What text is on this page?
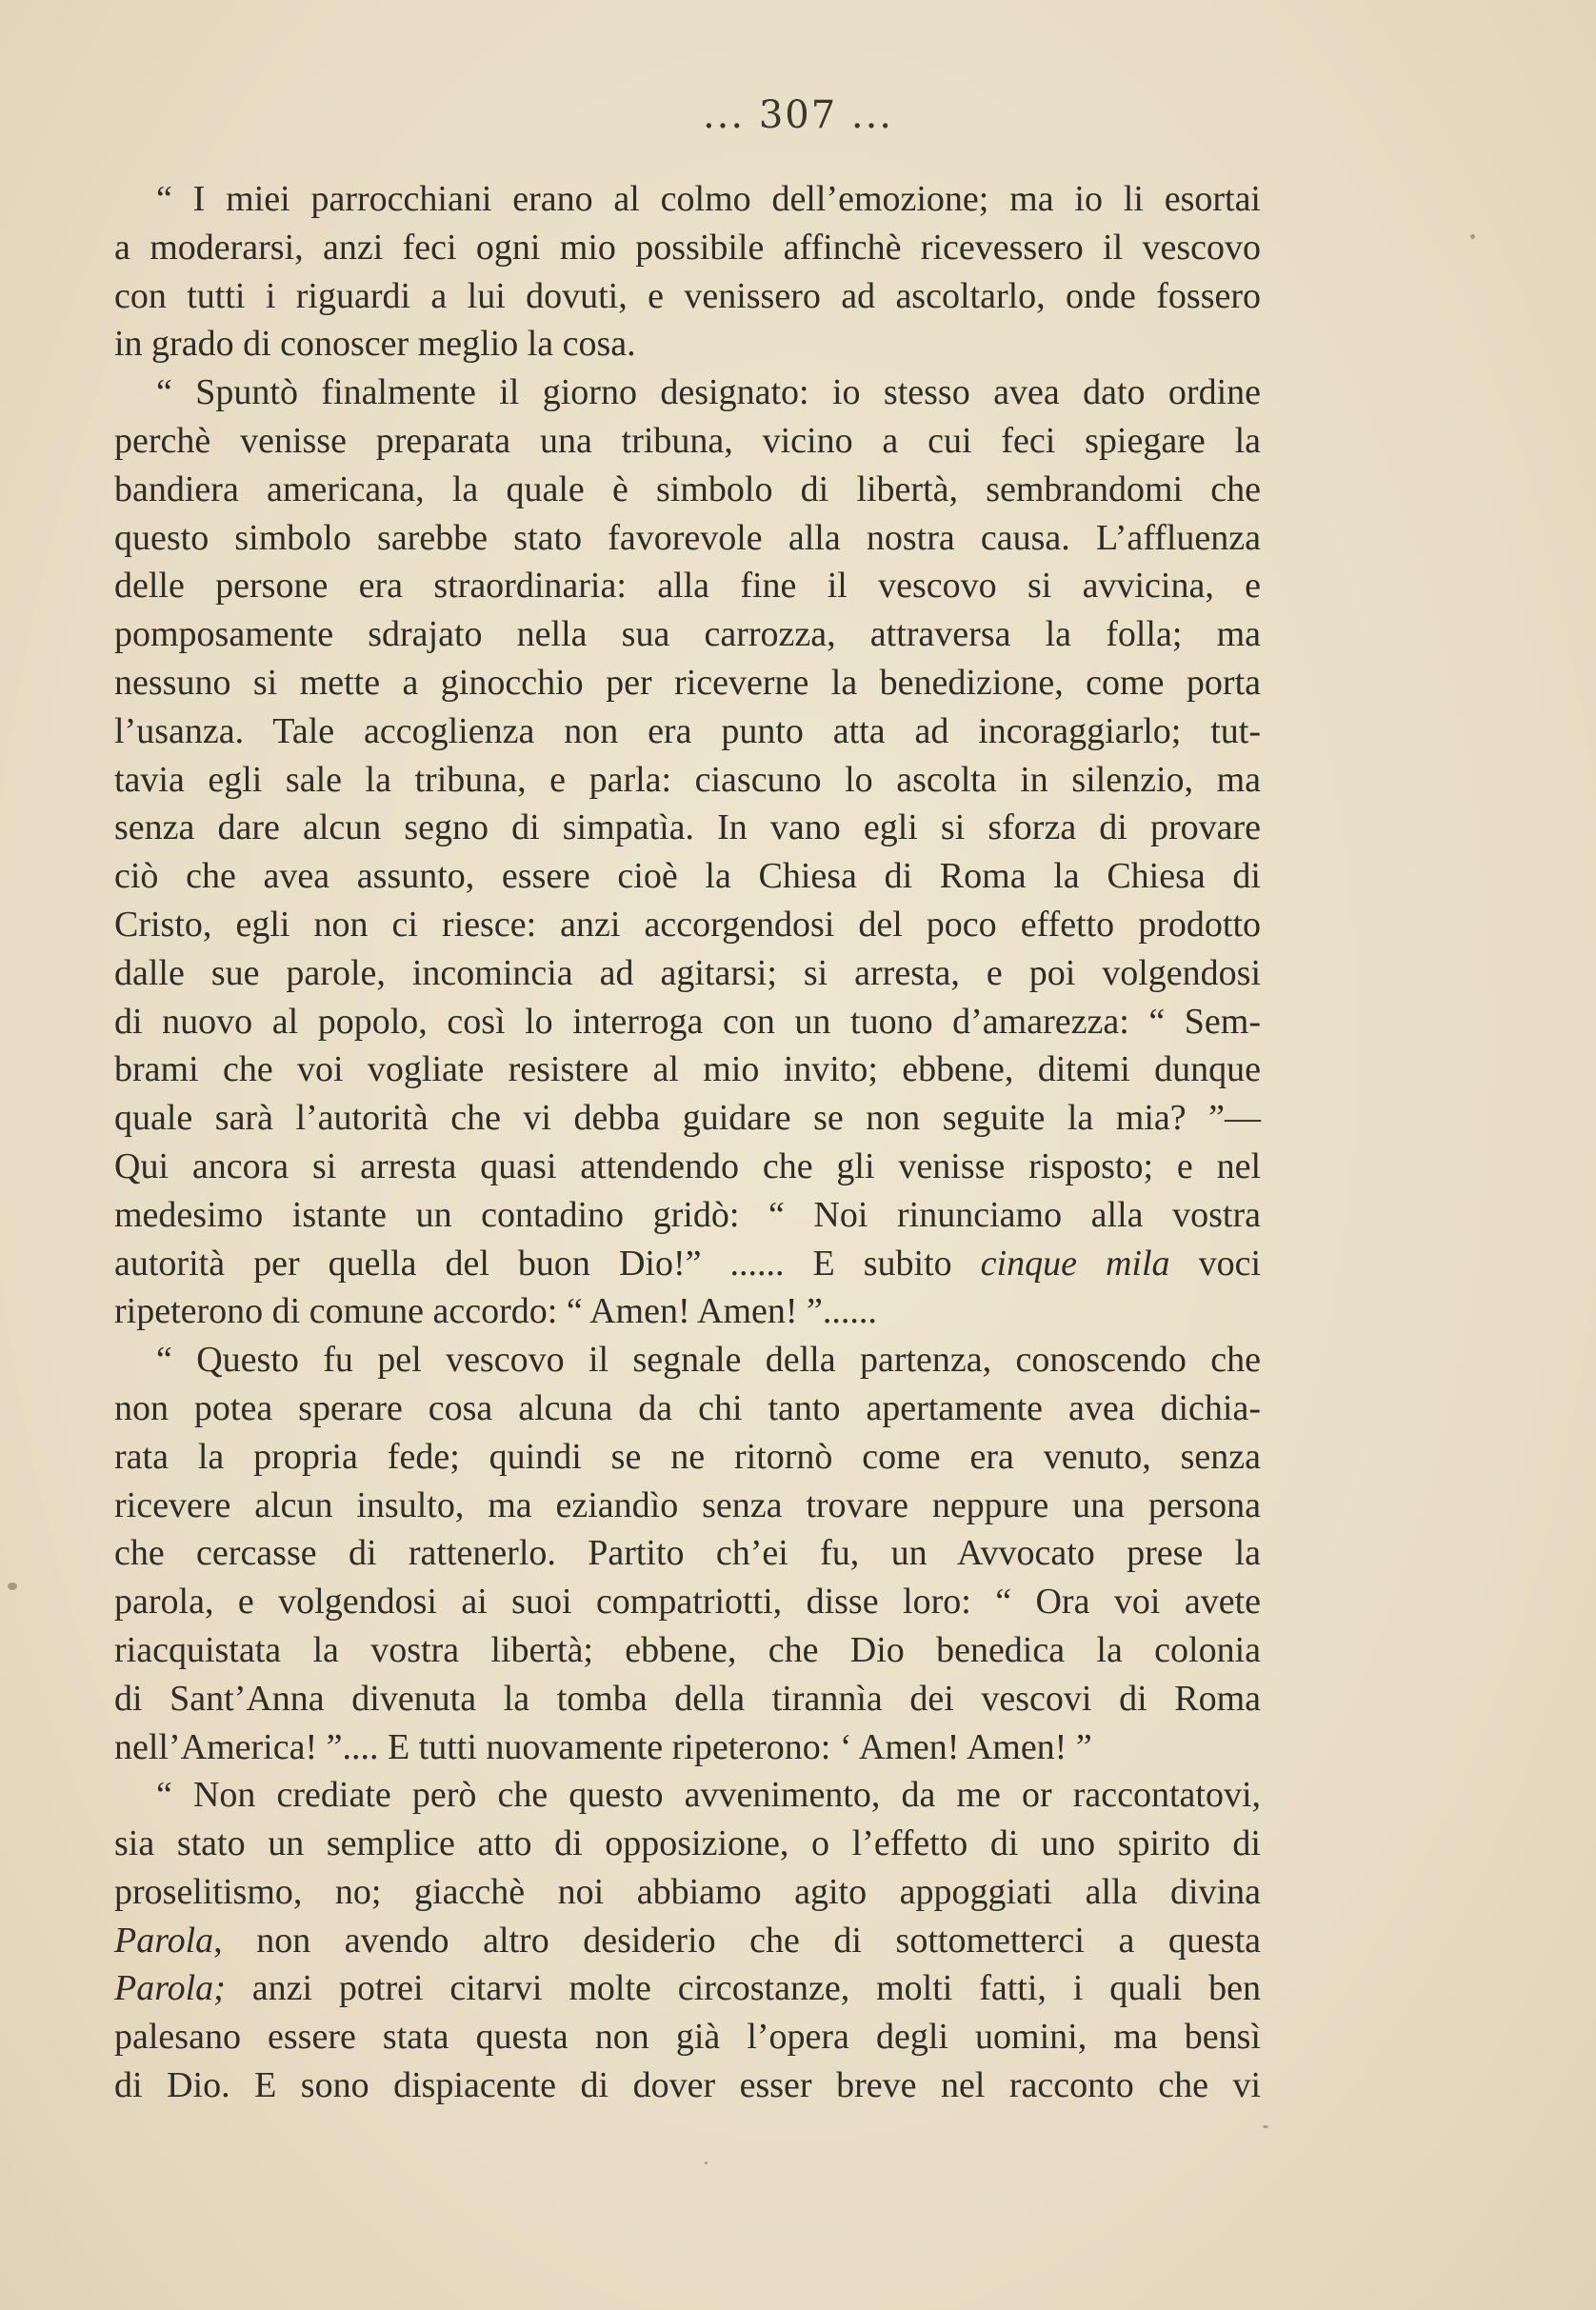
... 307 ...

“ I miei parrocchiani erano al colmo dell’emozione; ma io li esortai
a moderarsi, anzi feci ogni mio possibile affinchè ricevessero il vescovo
con tutti i riguardi a lui dovuti, e venissero ad ascoltarlo, onde fossero
in grado di conoscer meglio la cosa.

“ Spuntò finalmente il giorno designato: io stesso avea dato ordine
perchè venisse preparata una tribuna, vicino a cui feci spiegare la
bandiera americana, la quale è simbolo di libertà, sembrandomi che
questo simbolo sarebbe stato favorevole alla nostra causa. L’affluenza
delle persone era straordinaria: alla fine il vescovo si avvicina, e
pomposamente sdrajato nella sua carrozza, attraversa la folla; ma
nessuno si mette a ginocchio per riceverne la benedizione, come porta
l’usanza. Tale accoglienza non era punto atta ad incoraggiarlo; tut-
tavia egli sale la tribuna, e parla: ciascuno lo ascolta in silenzio, ma
senza dare alcun segno di simpatìa. In vano egli si sforza di provare
ciò che avea assunto, essere cioè la Chiesa di Roma la Chiesa di
Cristo, egli non ci riesce: anzi accorgendosi del poco effetto prodotto
dalle sue parole, incomincia ad agitarsi; si arresta, e poi volgendosi
di nuovo al popolo, così lo interroga con un tuono d’amarezza: “ Sem-
brami che voi vogliate resistere al mio invito; ebbene, ditemi dunque
quale sarà l’autorità che vi debba guidare se non seguite la mia? ”—
Qui ancora si arresta quasi attendendo che gli venisse risposto; e nel
medesimo istante un contadino gridò: “ Noi rinunciamo alla vostra
autorità per quella del buon Dio!” ...... E subito cinque mila voci
ripeterono di comune accordo: “ Amen! Amen! ”......

“ Questo fu pel vescovo il segnale della partenza, conoscendo che
non potea sperare cosa alcuna da chi tanto apertamente avea dichia-
rata la propria fede; quindi se ne ritornò come era venuto, senza
ricevere alcun insulto, ma eziandìo senza trovare neppure una persona
che cercasse di rattenerlo. Partito ch’ei fu, un Avvocato prese la
parola, e volgendosi ai suoi compatriotti, disse loro: “ Ora voi avete
riacquistata la vostra libertà; ebbene, che Dio benedica la colonia
di Sant’Anna divenuta la tomba della tirannìa dei vescovi di Roma
nell’America! ”.... E tutti nuovamente ripeterono: ‘ Amen! Amen! ”

“ Non crediate però che questo avvenimento, da me or raccontatovi,
sia stato un semplice atto di opposizione, o l’effetto di uno spirito di
proselitismo, no; giacchè noi abbiamo agito appoggiati alla divina
Parola, non avendo altro desiderio che di sottometterci a questa
Parola; anzi potrei citarvi molte circostanze, molti fatti, i quali ben
palesano essere stata questa non già l’opera degli uomini, ma bensì
di Dio. E sono dispiacente di dover esser breve nel racconto che vi
